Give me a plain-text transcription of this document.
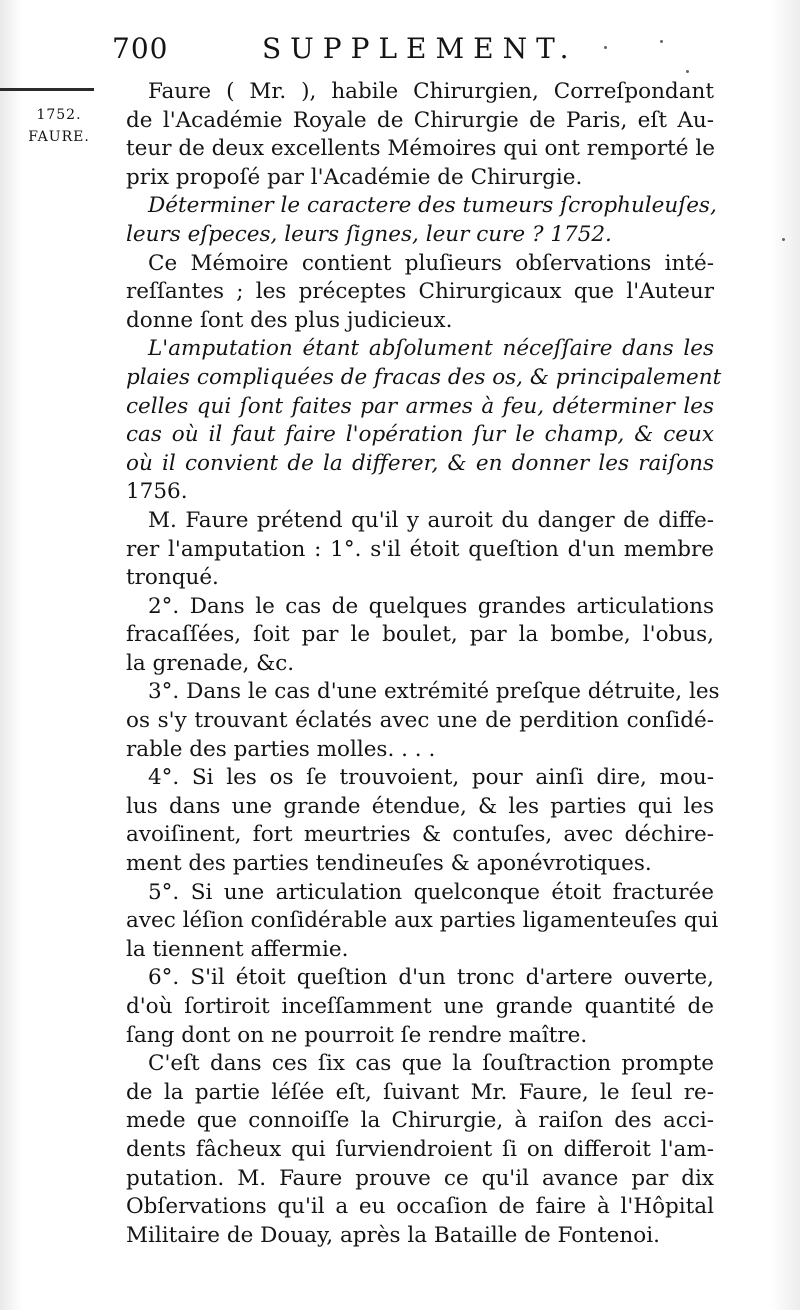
700	SUPPLEMENT.
1752.
FAURE.
Faure ( Mr. ), habile Chirurgien, Correſpondant
de l'Académie Royale de Chirurgie de Paris, eſt Au-
teur de deux excellents Mémoires qui ont remporté le
prix propoſé par l'Académie de Chirurgie.
Déterminer le caractere des tumeurs ſcrophuleuſes,
leurs eſpeces, leurs ſignes, leur cure ? 1752.
Ce Mémoire contient pluſieurs obſervations inté-
reſſantes ; les préceptes Chirurgicaux que l'Auteur
donne ſont des plus judicieux.
L'amputation étant abſolument néceſſaire dans les
plaies compliquées de fracas des os, & principalement
celles qui ſont faites par armes à feu, déterminer les
cas où il faut faire l'opération ſur le champ, & ceux
où il convient de la differer, & en donner les raiſons
1756.
M. Faure prétend qu'il y auroit du danger de diffe-
rer l'amputation : 1°. s'il étoit queſtion d'un membre
tronqué.
2°. Dans le cas de quelques grandes articulations
fracaſſées, ſoit par le boulet, par la bombe, l'obus,
la grenade, &c.
3°. Dans le cas d'une extrémité preſque détruite, les
os s'y trouvant éclatés avec une de perdition conſidé-
rable des parties molles. . . .
4°. Si les os ſe trouvoient, pour ainſi dire, mou-
lus dans une grande étendue, & les parties qui les
avoiſinent, fort meurtries & contuſes, avec déchire-
ment des parties tendineuſes & aponévrotiques.
5°. Si une articulation quelconque étoit fracturée
avec léſion conſidérable aux parties ligamenteuſes qui
la tiennent affermie.
6°. S'il étoit queſtion d'un tronc d'artere ouverte,
d'où ſortiroit inceſſamment une grande quantité de
ſang dont on ne pourroit ſe rendre maître.
C'eſt dans ces ſix cas que la ſouſtraction prompte
de la partie léſée eſt, ſuivant Mr. Faure, le ſeul re-
mede que connoiſſe la Chirurgie, à raiſon des acci-
dents fâcheux qui ſurviendroient ſi on differoit l'am-
putation. M. Faure prouve ce qu'il avance par dix
Obſervations qu'il a eu occaſion de faire à l'Hôpital
Militaire de Douay, après la Bataille de Fontenoi.
